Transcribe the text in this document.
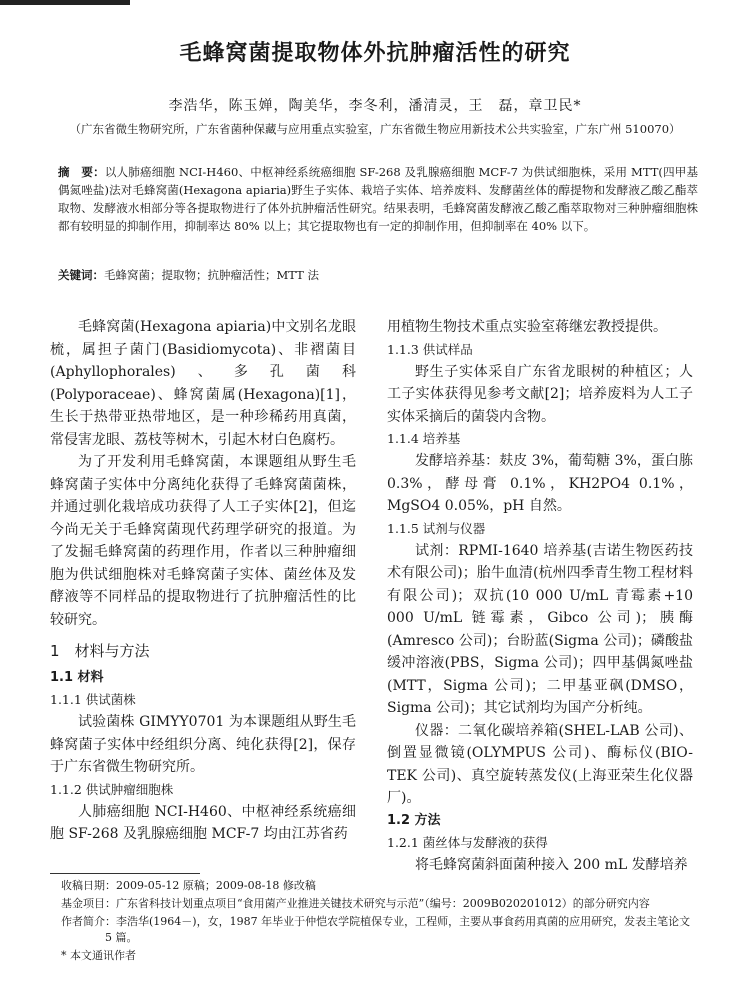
毛蜂窝菌提取物体外抗肿瘤活性的研究
李浩华，陈玉婵，陶美华，李冬利，潘清灵，王　磊，章卫民*
（广东省微生物研究所，广东省菌种保藏与应用重点实验室，广东省微生物应用新技术公共实验室，广东广州 510070）
摘　要：以人肺癌细胞 NCI-H460、中枢神经系统癌细胞 SF-268 及乳腺癌细胞 MCF-7 为供试细胞株，采用 MTT(四甲基偶氮唑盐)法对毛蜂窝菌(Hexagona apiaria)野生子实体、栽培子实体、培养废料、发酵菌丝体的醇提物和发酵液乙酸乙酯萃取物、发酵液水相部分等各提取物进行了体外抗肿瘤活性研究。结果表明，毛蜂窝菌发酵液乙酸乙酯萃取物对三种肿瘤细胞株都有较明显的抑制作用，抑制率达 80% 以上；其它提取物也有一定的抑制作用，但抑制率在 40% 以下。
关键词：毛蜂窝菌；提取物；抗肿瘤活性；MTT 法

毛蜂窝菌(Hexagona apiaria)中文别名龙眼梳，属担子菌门(Basidiomycota)、非褶菌目(Aphyllophorales)、多孔菌科(Polyporaceae)、蜂窝菌属(Hexagona)[1]，生长于热带亚热带地区，是一种珍稀药用真菌，常侵害龙眼、荔枝等树木，引起木材白色腐朽。

为了开发利用毛蜂窝菌，本课题组从野生毛蜂窝菌子实体中分离纯化获得了毛蜂窝菌菌株，并通过驯化栽培成功获得了人工子实体[2]，但迄今尚无关于毛蜂窝菌现代药理学研究的报道。为了发掘毛蜂窝菌的药理作用，作者以三种肿瘤细胞为供试细胞株对毛蜂窝菌子实体、菌丝体及发酵液等不同样品的提取物进行了抗肿瘤活性的比较研究。

1　材料与方法
1.1 材料
1.1.1 供试菌株

试验菌株 GIMYY0701 为本课题组从野生毛蜂窝菌子实体中经组织分离、纯化获得[2]，保存于广东省微生物研究所。

1.1.2 供试肿瘤细胞株

人肺癌细胞 NCI-H460、中枢神经系统癌细胞 SF-268 及乳腺癌细胞 MCF-7 均由江苏省药

用植物生物技术重点实验室蒋继宏教授提供。

1.1.3 供试样品

野生子实体采自广东省龙眼树的种植区；人工子实体获得见参考文献[2]；培养废料为人工子实体采摘后的菌袋内含物。

1.1.4 培养基

发酵培养基：麸皮 3%，葡萄糖 3%，蛋白胨 0.3%，酵母膏 0.1%，KH2PO4 0.1%，MgSO4 0.05%，pH 自然。

1.1.5 试剂与仪器

试剂：RPMI-1640 培养基(吉诺生物医药技术有限公司)；胎牛血清(杭州四季青生物工程材料有限公司)；双抗(10 000 U/mL 青霉素+10 000 U/mL 链霉素，Gibco 公司)；胰酶(Amresco 公司)；台盼蓝(Sigma 公司)；磷酸盐缓冲溶液(PBS，Sigma 公司)；四甲基偶氮唑盐(MTT，Sigma 公司)；二甲基亚砜(DMSO，Sigma 公司)；其它试剂均为国产分析纯。

仪器：二氧化碳培养箱(SHEL-LAB 公司)、倒置显微镜(OLYMPUS 公司)、酶标仪(BIO-TEK 公司)、真空旋转蒸发仪(上海亚荣生化仪器厂)。

1.2 方法
1.2.1 菌丝体与发酵液的获得

将毛蜂窝菌斜面菌种接入 200 mL 发酵培养

收稿日期：2009-05-12 原稿；2009-08-18 修改稿

基金项目：广东省科技计划重点项目“食用菌产业推进关键技术研究与示范”（编号：2009B020201012）的部分研究内容

作者简介：李浩华(1964－)，女，1987 年毕业于仲恺农学院植保专业，工程师，主要从事食药用真菌的应用研究，发表主笔论文 5 篇。

* 本文通讯作者
